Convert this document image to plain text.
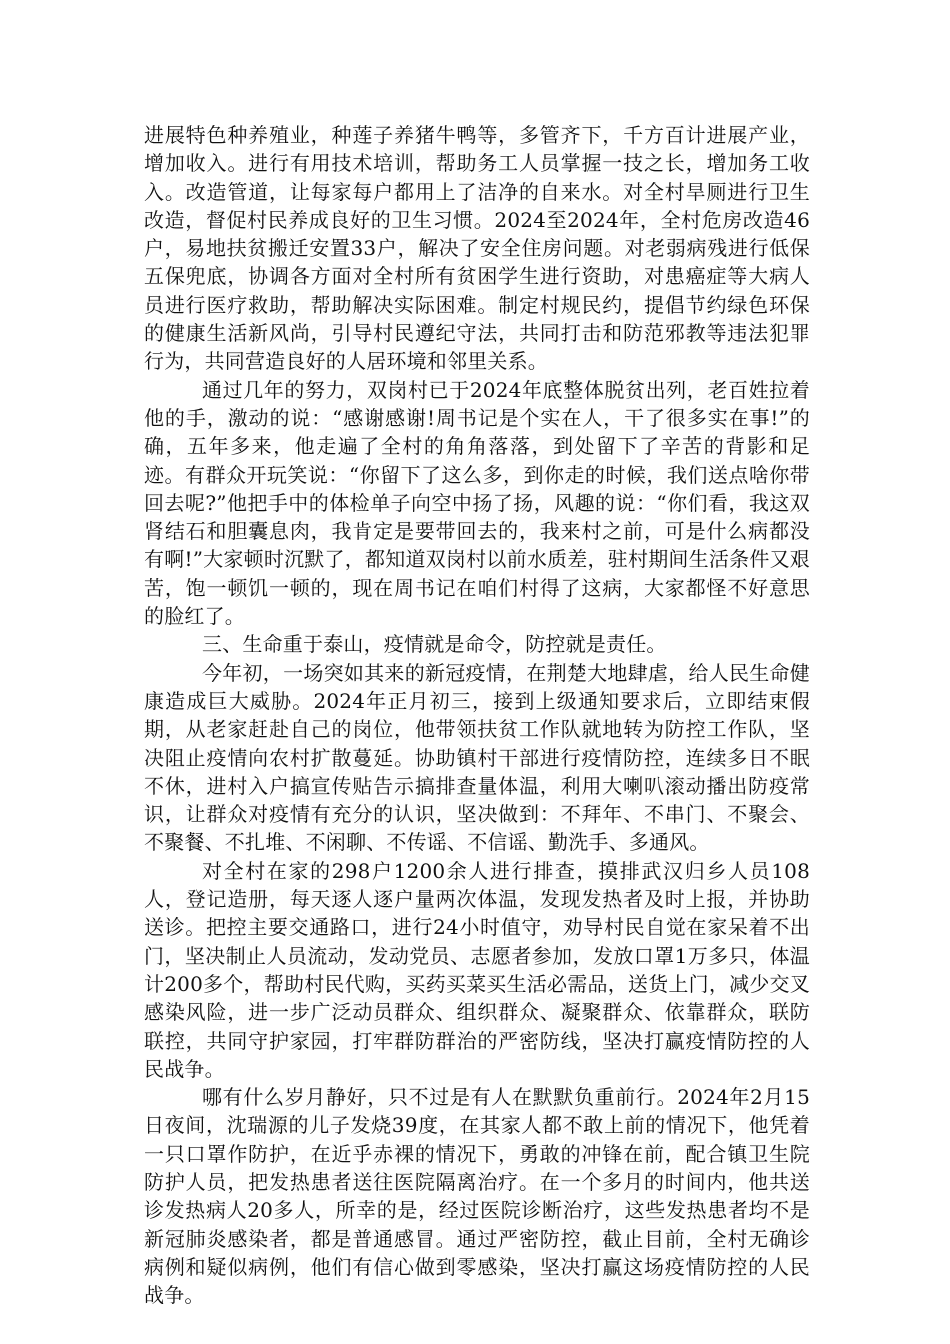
进展特色种养殖业，种莲子养猪牛鸭等，多管齐下，千方百计进展产业，增加收入。进行有用技术培训，帮助务工人员掌握一技之长，增加务工收入。改造管道，让每家每户都用上了洁净的自来水。对全村旱厕进行卫生改造，督促村民养成良好的卫生习惯。2024至2024年，全村危房改造46户，易地扶贫搬迁安置33户，解决了安全住房问题。对老弱病残进行低保五保兜底，协调各方面对全村所有贫困学生进行资助，对患癌症等大病人员进行医疗救助，帮助解决实际困难。制定村规民约，提倡节约绿色环保的健康生活新风尚，引导村民遵纪守法，共同打击和防范邪教等违法犯罪行为，共同营造良好的人居环境和邻里关系。

通过几年的努力，双岗村已于2024年底整体脱贫出列，老百姓拉着他的手，激动的说：“感谢感谢!周书记是个实在人，干了很多实在事!”的确，五年多来，他走遍了全村的角角落落，到处留下了辛苦的背影和足迹。有群众开玩笑说：“你留下了这么多，到你走的时候，我们送点啥你带回去呢?”他把手中的体检单子向空中扬了扬，风趣的说：“你们看，我这双肾结石和胆囊息肉，我肯定是要带回去的，我来村之前，可是什么病都没有啊!”大家顿时沉默了，都知道双岗村以前水质差，驻村期间生活条件又艰苦，饱一顿饥一顿的，现在周书记在咱们村得了这病，大家都怪不好意思的脸红了。

三、生命重于泰山，疫情就是命令，防控就是责任。

今年初，一场突如其来的新冠疫情，在荆楚大地肆虐，给人民生命健康造成巨大威胁。2024年正月初三，接到上级通知要求后，立即结束假期，从老家赶赴自己的岗位，他带领扶贫工作队就地转为防控工作队，坚决阻止疫情向农村扩散蔓延。协助镇村干部进行疫情防控，连续多日不眠不休，进村入户搞宣传贴告示搞排查量体温，利用大喇叭滚动播出防疫常识，让群众对疫情有充分的认识，坚决做到：不拜年、不串门、不聚会、不聚餐、不扎堆、不闲聊、不传谣、不信谣、勤洗手、多通风。

对全村在家的298户1200余人进行排查，摸排武汉归乡人员108人，登记造册，每天逐人逐户量两次体温，发现发热者及时上报，并协助送诊。把控主要交通路口，进行24小时值守，劝导村民自觉在家呆着不出门，坚决制止人员流动，发动党员、志愿者参加，发放口罩1万多只，体温计200多个，帮助村民代购，买药买菜买生活必需品，送货上门，减少交叉感染风险，进一步广泛动员群众、组织群众、凝聚群众、依靠群众，联防联控，共同守护家园，打牢群防群治的严密防线，坚决打赢疫情防控的人民战争。

哪有什么岁月静好，只不过是有人在默默负重前行。2024年2月15日夜间，沈瑞源的儿子发烧39度，在其家人都不敢上前的情况下，他凭着一只口罩作防护，在近乎赤裸的情况下，勇敢的冲锋在前，配合镇卫生院防护人员，把发热患者送往医院隔离治疗。在一个多月的时间内，他共送诊发热病人20多人，所幸的是，经过医院诊断治疗，这些发热患者均不是新冠肺炎感染者，都是普通感冒。通过严密防控，截止目前，全村无确诊病例和疑似病例，他们有信心做到零感染，坚决打赢这场疫情防控的人民战争。
